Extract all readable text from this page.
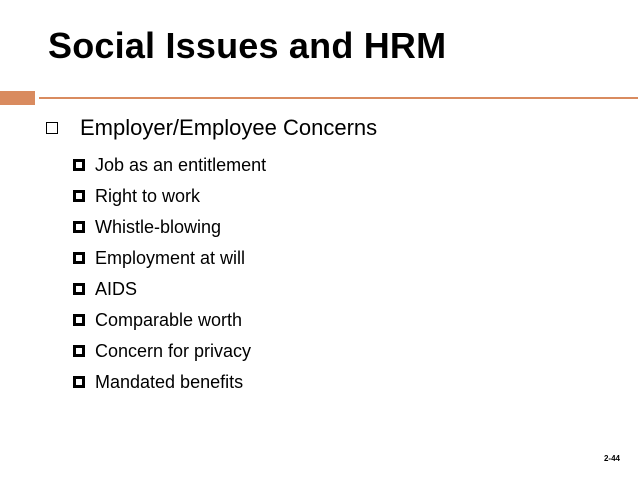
Social Issues and HRM
Employer/Employee Concerns
Job as an entitlement
Right to work
Whistle-blowing
Employment at will
AIDS
Comparable worth
Concern for privacy
Mandated benefits
2-44
